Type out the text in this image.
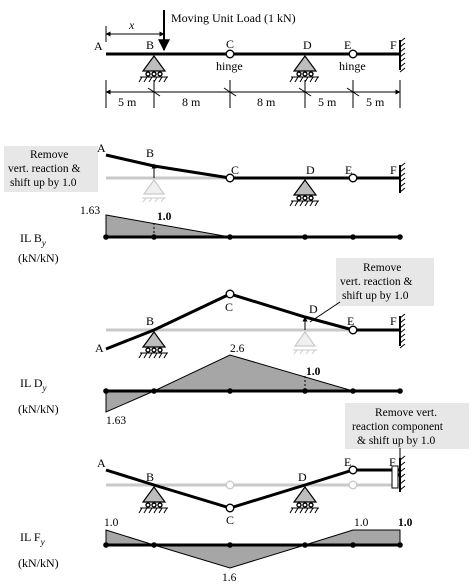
x	Moving Unit Load (1 kN)
A	B	C	D	E	F
hinge	hinge
5 m	8 m	8 m	5 m 5 m
Remove
vert. reaction &
shift up by 1.0
A	B
C	D	E	F
1.63	1.0
IL $B_y$
(kN/kN)
Remove
vert. reaction &
shift up by 1.0
A
B
C	D
E	F
2.6
1.0
1.63
IL $D_y$
(kN/kN)	Remove vert.
reaction component
& shift up by 1.0
A
B
C
D
E	F
1.0	1.0	1.0
1.6
IL $F_y$
(kN/kN)
